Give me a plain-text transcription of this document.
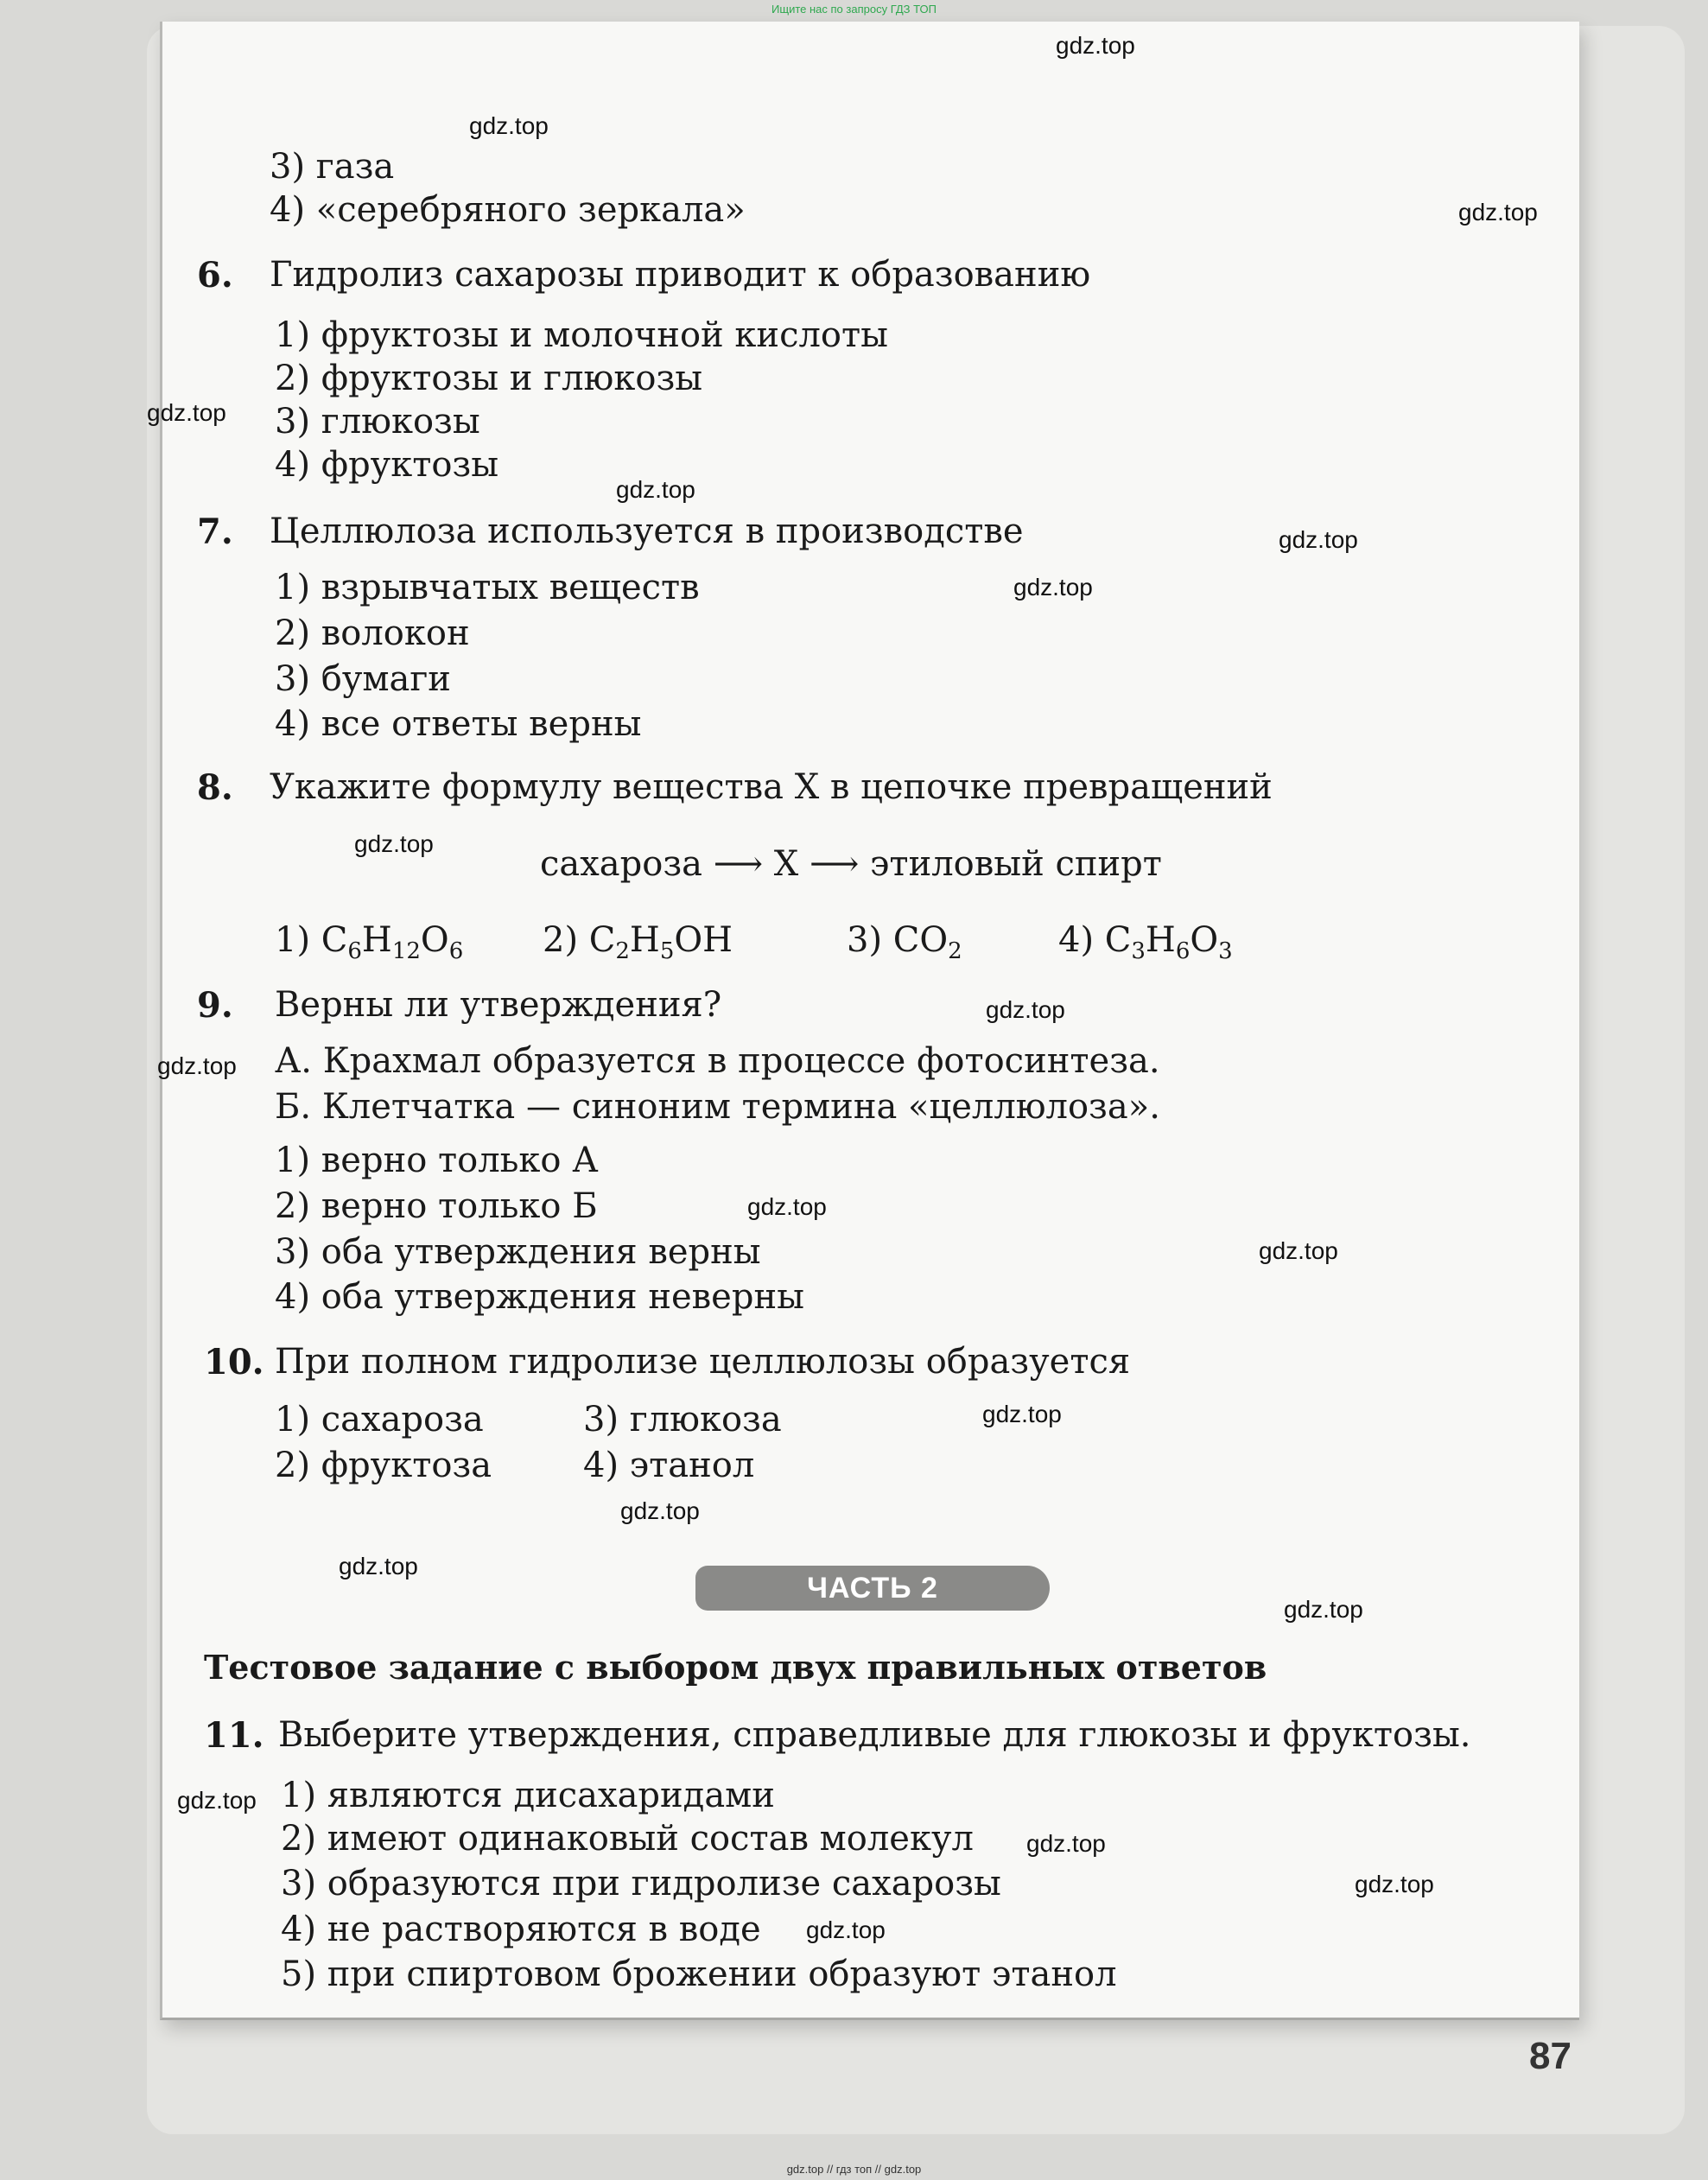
Ищите нас по запросу ГДЗ ТОП
3) газа
4) «серебряного зеркала»
6. Гидролиз сахарозы приводит к образованию
1) фруктозы и молочной кислоты
2) фруктозы и глюкозы
3) глюкозы
4) фруктозы
7. Целлюлоза используется в производстве
1) взрывчатых веществ
2) волокон
3) бумаги
4) все ответы верны
8. Укажите формулу вещества Х в цепочке превращений
сахароза ⟶ Х ⟶ этиловый спирт
1) $C_6H_{12}O_6$ 2) $C_2H_5OH$	3) $CO_2$	4) $C_3H_6O_3$
9. Верны ли утверждения?
А. Крахмал образуется в процессе фотосинтеза.
Б. Клетчатка — синоним термина «целлюлоза».
1) верно только А
2) верно только Б
3) оба утверждения верны
4) оба утверждения неверны
10. При полном гидролизе целлюлозы образуется
1) сахароза	3) глюкоза
2) фруктоза	4) этанол
ЧАСТЬ 2
Тестовое задание с выбором двух правильных ответов
11. Выберите утверждения, справедливые для глюкозы и фруктозы.
1) являются дисахаридами
2) имеют одинаковый состав молекул
3) образуются при гидролизе сахарозы
4) не растворяются в воде
5) при спиртовом брожении образуют этанол
gdz.top
gdz.top
gdz.top
gdz.top
gdz.top
gdz.top
gdz.top
gdz.top
gdz.top
gdz.top
gdz.top
gdz.top
gdz.top
gdz.top
gdz.top
gdz.top
gdz.top
gdz.top
gdz.top
gdz.top
87
gdz.top // гдз топ // gdz.top
